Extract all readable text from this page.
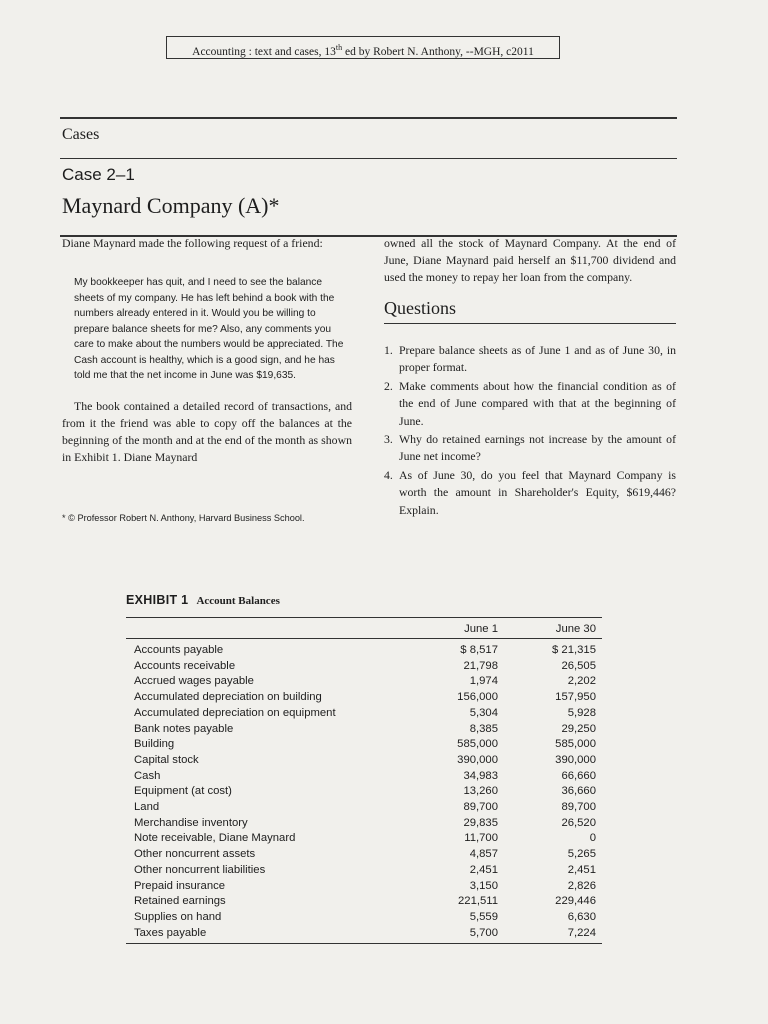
Accounting : text and cases, 13th ed by Robert N. Anthony, --MGH, c2011
Cases
Case 2–1
Maynard Company (A)*

Diane Maynard made the following request of a friend:

My bookkeeper has quit, and I need to see the balance sheets of my company. He has left behind a book with the numbers already entered in it. Would you be willing to prepare balance sheets for me? Also, any comments you care to make about the numbers would be appreciated. The Cash account is healthy, which is a good sign, and he has told me that the net income in June was $19,635.

The book contained a detailed record of transactions, and from it the friend was able to copy off the balances at the beginning of the month and at the end of the month as shown in Exhibit 1. Diane Maynard

* © Professor Robert N. Anthony, Harvard Business School.

owned all the stock of Maynard Company. At the end of June, Diane Maynard paid herself an $11,700 dividend and used the money to repay her loan from the company.

Questions
1. Prepare balance sheets as of June 1 and as of June 30, in proper format.
2. Make comments about how the financial condition as of the end of June compared with that at the beginning of June.
3. Why do retained earnings not increase by the amount of June net income?
4. As of June 30, do you feel that Maynard Company is worth the amount in Shareholder's Equity, $619,446? Explain.
EXHIBIT 1 Account Balances
	June 1	June 30
Accounts payable	$ 8,517	$ 21,315
Accounts receivable	21,798	26,505
Accrued wages payable	1,974	2,202
Accumulated depreciation on building	156,000	157,950
Accumulated depreciation on equipment	5,304	5,928
Bank notes payable	8,385	29,250
Building	585,000	585,000
Capital stock	390,000	390,000
Cash	34,983	66,660
Equipment (at cost)	13,260	36,660
Land	89,700	89,700
Merchandise inventory	29,835	26,520
Note receivable, Diane Maynard	11,700	0
Other noncurrent assets	4,857	5,265
Other noncurrent liabilities	2,451	2,451
Prepaid insurance	3,150	2,826
Retained earnings	221,511	229,446
Supplies on hand	5,559	6,630
Taxes payable	5,700	7,224
